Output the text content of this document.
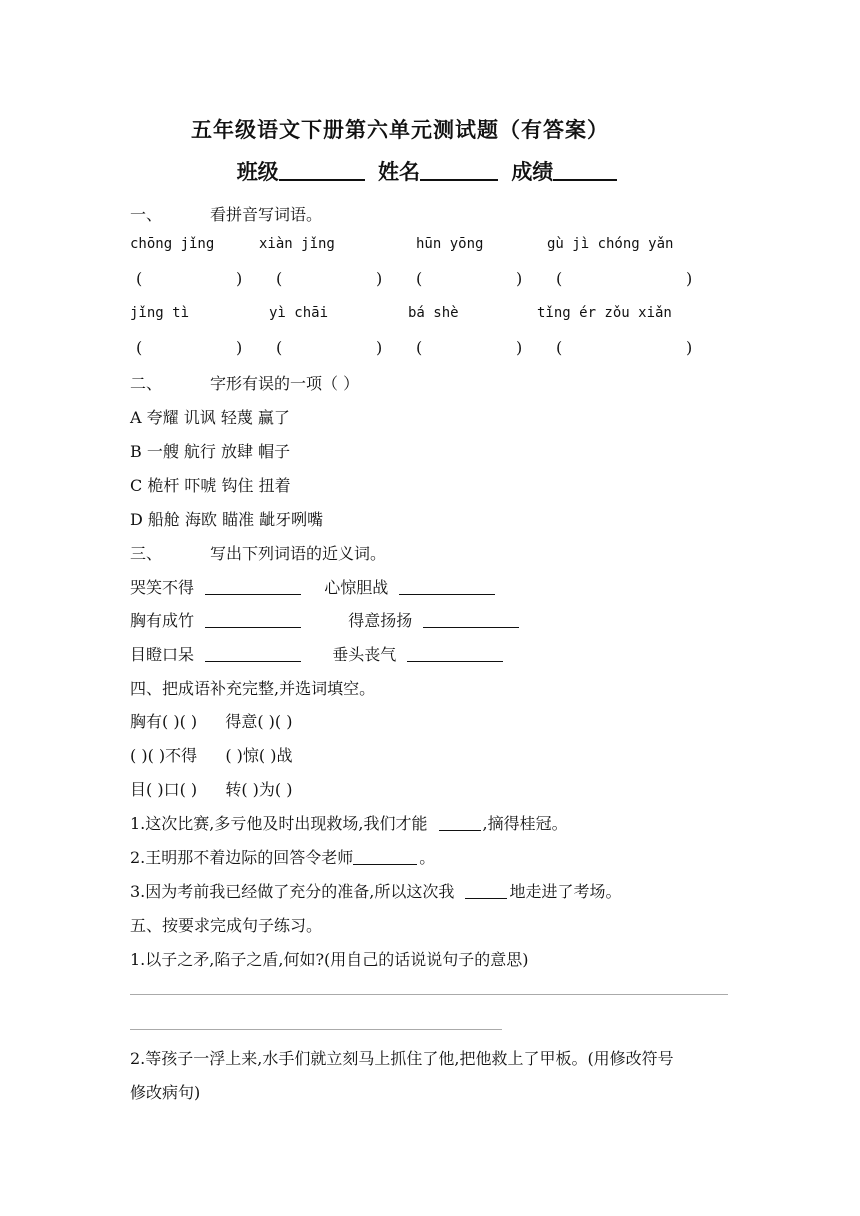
五年级语文下册第六单元测试题（有答案）
班级	姓名	成绩
一、	看拼音写词语。
chōng jǐng	xiàn jǐng	hūn yōng	gù jì chóng yǎn
(	) (	) (	) (	)
jǐng tì	yì chāi	bá shè	tǐng ér zǒu xiǎn
(	) (	) (	) (	)
二、	字形有误的一项（ ）
A 夸耀 讥讽 轻蔑 赢了
B 一艘 航行 放肆 帽子
C 桅杆 吓唬 钩住 扭着
D 船舱 海欧 瞄准 龇牙咧嘴
三、	写出下列词语的近义词。
哭笑不得	心惊胆战
胸有成竹	得意扬扬
目瞪口呆	垂头丧气
四、把成语补充完整,并选词填空。
胸有( )( ) 得意( )( )
( )( )不得 ( )惊( )战
目( )口( ) 转( )为( )
1.这次比赛,多亏他及时出现救场,我们才能	,摘得桂冠。
2.王明那不着边际的回答令老师	。
3.因为考前我已经做了充分的准备,所以这次我	地走进了考场。
五、按要求完成句子练习。
1.以子之矛,陷子之盾,何如?(用自己的话说说句子的意思)
2.等孩子一浮上来,水手们就立刻马上抓住了他,把他救上了甲板。(用修改符号
修改病句)
